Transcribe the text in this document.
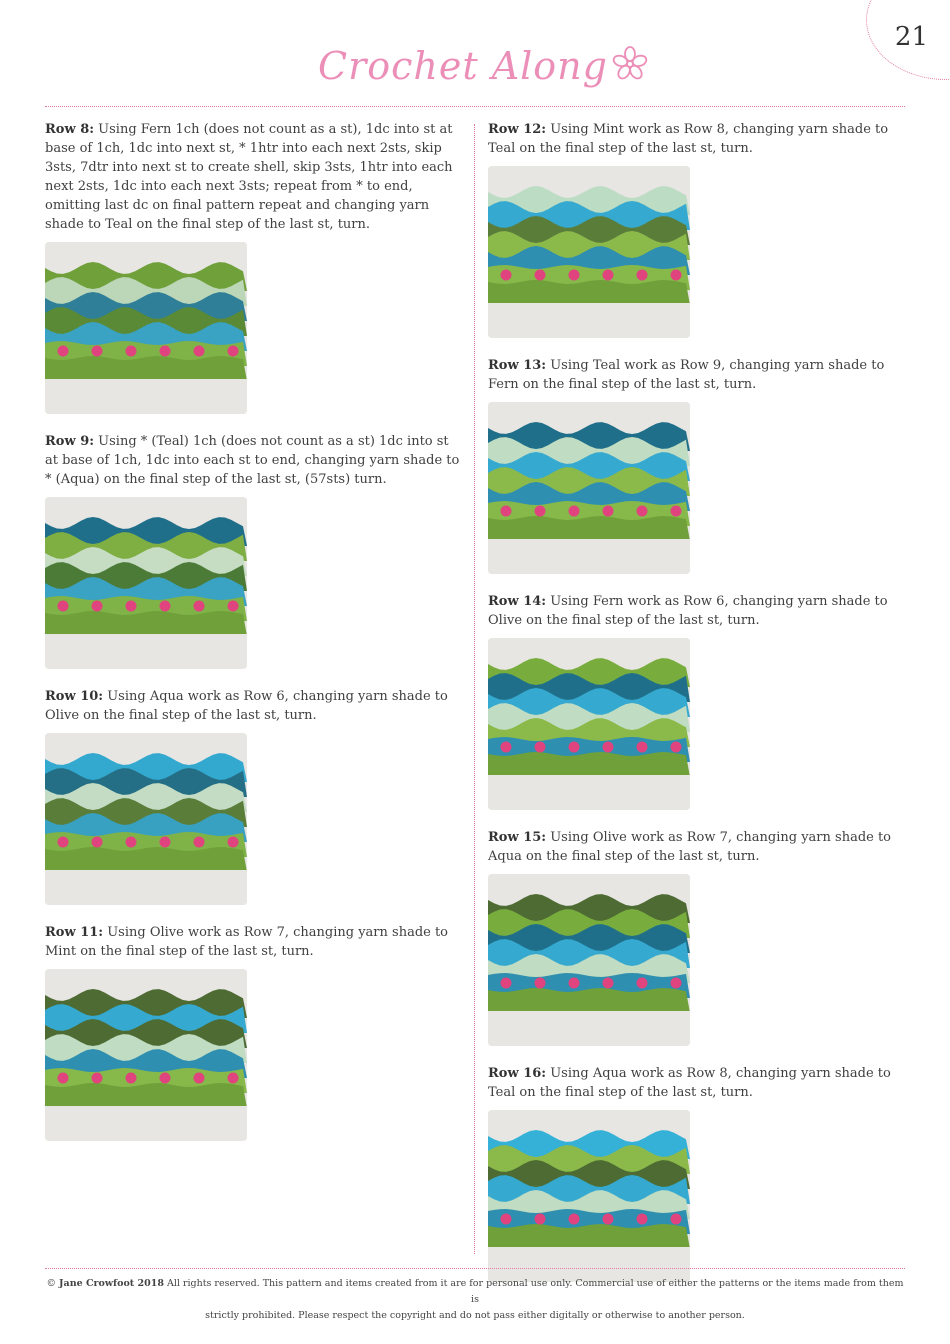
21
Crochet Along

Row 8: Using Fern 1ch (does not count as a st), 1dc into st at base of 1ch, 1dc into next st, * 1htr into each next 2sts, skip 3sts, 7dtr into next st to create shell, skip 3sts, 1htr into each next 2sts, 1dc into each next 3sts; repeat from * to end, omitting last dc on final pattern repeat and changing yarn shade to Teal on the final step of the last st, turn.

Row 9: Using * (Teal) 1ch (does not count as a st) 1dc into st at base of 1ch, 1dc into each st to end, changing yarn shade to * (Aqua) on the final step of the last st, (57sts) turn.

Row 10: Using Aqua work as Row 6, changing yarn shade to Olive on the final step of the last st, turn.

Row 11: Using Olive work as Row 7, changing yarn shade to Mint on the final step of the last st, turn.

Row 12: Using Mint work as Row 8, changing yarn shade to Teal on the final step of the last st, turn.

Row 13: Using Teal work as Row 9, changing yarn shade to Fern on the final step of the last st, turn.

Row 14: Using Fern work as Row 6, changing yarn shade to Olive on the final step of the last st, turn.

Row 15: Using Olive work as Row 7, changing yarn shade to Aqua on the final step of the last st, turn.

Row 16: Using Aqua work as Row 8, changing yarn shade to Teal on the final step of the last st, turn.

© Jane Crowfoot 2018 All rights reserved. This pattern and items created from it are for personal use only. Commercial use of either the patterns or the items made from them is
strictly prohibited. Please respect the copyright and do not pass either digitally or otherwise to another person.
